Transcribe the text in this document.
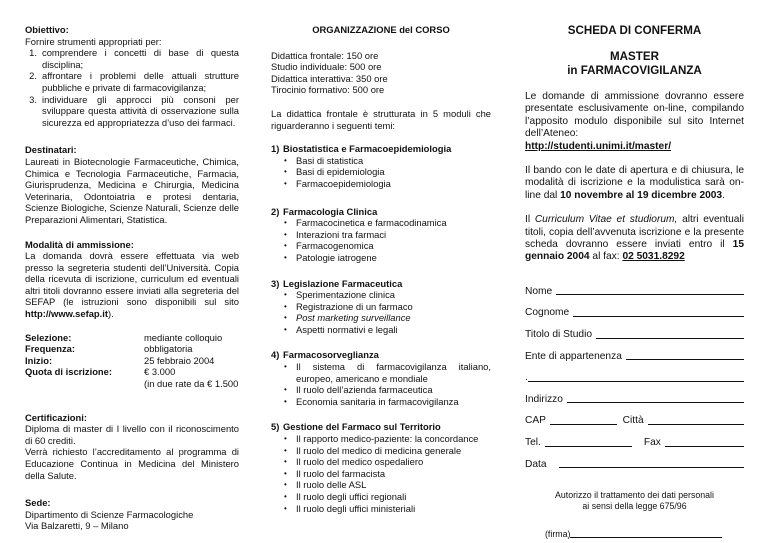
Obiettivo:
Fornire strumenti appropriati per:
1. comprendere i concetti di base di questa disciplina;
2. affrontare i problemi delle attuali strutture pubbliche e private di farmacovigilanza;
3. individuare gli approcci più consoni per sviluppare questa attività di osservazione sulla sicurezza ed appropriatezza d’uso dei farmaci.
Destinatari:
Laureati in Biotecnologie Farmaceutiche, Chimica, Chimica e Tecnologia Farmaceutiche, Farmacia, Giurisprudenza, Medicina e Chirurgia, Medicina Veterinaria, Odontoiatria e protesi dentaria, Scienze Biologiche, Scienze Naturali, Scienze delle Preparazioni Alimentari, Statistica.
Modalità di ammissione:
La domanda dovrà essere effettuata via web presso la segreteria studenti dell’Università. Copia della ricevuta di iscrizione, curriculum ed eventuali altri titoli dovranno essere inviati alla segreteria del SEFAP (le istruzioni sono disponibili sul sito http://www.sefap.it).
Selezione:	mediante colloquio
Frequenza:	obbligatoria
Inizio:	25 febbraio 2004
Quota di iscrizione:	€ 3.000
	(in due rate da € 1.500
Certificazioni:
Diploma di master di I livello con il riconoscimento di 60 crediti.
Verrà richiesto l’accreditamento al programma di Educazione Continua in Medicina del Ministero della Salute.
Sede:
Dipartimento di Scienze Farmacologiche
Via Balzaretti, 9 – Milano
ORGANIZZAZIONE del CORSO
Didattica frontale: 150 ore
Studio individuale: 500 ore
Didattica interattiva: 350 ore
Tirocinio formativo: 500 ore
La didattica frontale è strutturata in 5 moduli che riguarderanno i seguenti temi:
1) Biostatistica e Farmacoepidemiologia
• Basi di statistica
• Basi di epidemiologia
• Farmacoepidemiologia
2) Farmacologia Clinica
• Farmacocinetica e farmacodinamica
• Interazioni tra farmaci
• Farmacogenomica
• Patologie iatrogene
3) Legislazione Farmaceutica
• Sperimentazione clinica
• Registrazione di un farmaco
• Post marketing surveillance
• Aspetti normativi e legali
4) Farmacosorveglianza
• Il sistema di farmacovigilanza italiano, europeo, americano e mondiale
• Il ruolo dell’azienda farmaceutica
• Economia sanitaria in farmacovigilanza
5) Gestione del Farmaco sul Territorio
• Il rapporto medico-paziente: la concordance
• Il ruolo del medico di medicina generale
• Il ruolo del medico ospedaliero
• Il ruolo del farmacista
• Il ruolo delle ASL
• Il ruolo degli uffici regionali
• Il ruolo degli uffici ministeriali
SCHEDA DI CONFERMA
MASTER
in FARMACOVIGILANZA

Le domande di ammissione dovranno essere presentate esclusivamente on-line, compilando l’apposito modulo disponibile sul sito Internet dell’Ateneo:
http://studenti.unimi.it/master/

Il bando con le date di apertura e di chiusura, le modalità di iscrizione e la modulistica sarà on-line dal 10 novembre al 19 dicembre 2003.

Il Curriculum Vitae et studiorum, altri eventuali titoli, copia dell’avvenuta iscrizione e la presente scheda dovranno essere inviati entro il 15 gennaio 2004 al fax: 02 5031.8292

Nome
Cognome
Titolo di Studio
Ente di appartenenza
.
Indirizzo
CAP	Città
Tel.	Fax
Data
Autorizzo il trattamento dei dati personali
ai sensi della legge 675/96
(firma)
